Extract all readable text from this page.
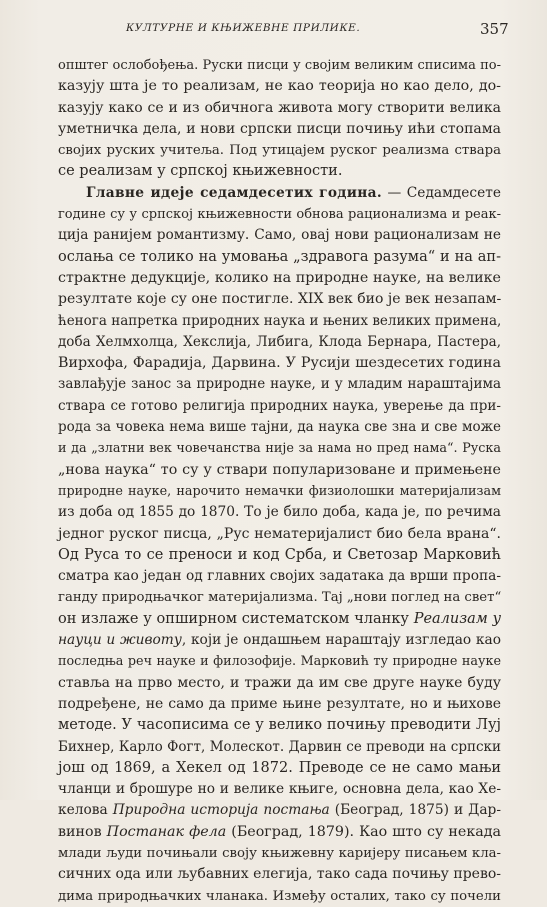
КУЛТУРНЕ И КЊИЖЕВНЕ ПРИЛИКЕ.	357
општег ослобођења. Руски писци у својим великим списима по-
казују шта је то реализам, не као теорија но као дело, до-
казују како се и из обичнога живота могу створити велика
уметничка дела, и нови српски писци почињу ићи стопама
својих руских учитеља. Под утицајем руског реализма ствара
се реализам у српској књижевности.
Главне идеје седамдесетих година. — Седамдесете
године су у српској књижевности обнова рационализма и реак-
ција ранијем романтизму. Само, овај нови рационализам не
ослања се толико на умовања „здравога разума“ и на ап-
страктне дедукције, колико на природне науке, на велике
резултате које су оне постигле. XIX век био је век незапам-
ћенога напретка природних наука и њених великих примена,
доба Хелмхолца, Хекслија, Либига, Клода Бернара, Пастера,
Вирхофа, Фарадија, Дарвина. У Русији шездесетих година
завлађује занос за природне науке, и у младим нараштајима
ствара се готово религија природних наука, уверење да при-
рода за човека нема више тајни, да наука све зна и све може
и да „златни век човечанства није за нама но пред нама“. Руска
„нова наука“ то су у ствари популаризоване и примењене
природне науке, нарочито немачки физиолошки материјализам
из доба од 1855 до 1870. То је било доба, када је, по речима
једног руског писца, „Рус нематеријалист био бела врана“.
Од Руса то се преноси и код Срба, и Светозар Марковић
сматра као један од главних својих задатака да врши пропа-
ганду природњачког материјализма. Тај „нови поглед на свет“
он излаже у опширном систематском чланку Реализам у
науци и животу, који је ондашњем нараштају изгледао као
последња реч науке и филозофије. Марковић ту природне науке
ставља на прво место, и тражи да им све друге науке буду
подређене, не само да приме њине резултате, но и њихове
методе. У часописима се у велико почињу преводити Луј
Бихнер, Карло Фогт, Молескот. Дарвин се преводи на српски
још од 1869, а Хекел од 1872. Преводе се не само мањи
чланци и брошуре но и велике књиге, основна дела, као Хе-
келова Природна историја постања (Београд, 1875) и Дар-
винов Постанак фела (Београд, 1879). Као што су некада
млади људи почињали своју књижевну каријеру писањем кла-
сичних ода или љубавних елегија, тако сада почињу прево-
дима природњачких чланака. Између осталих, тако су почели
